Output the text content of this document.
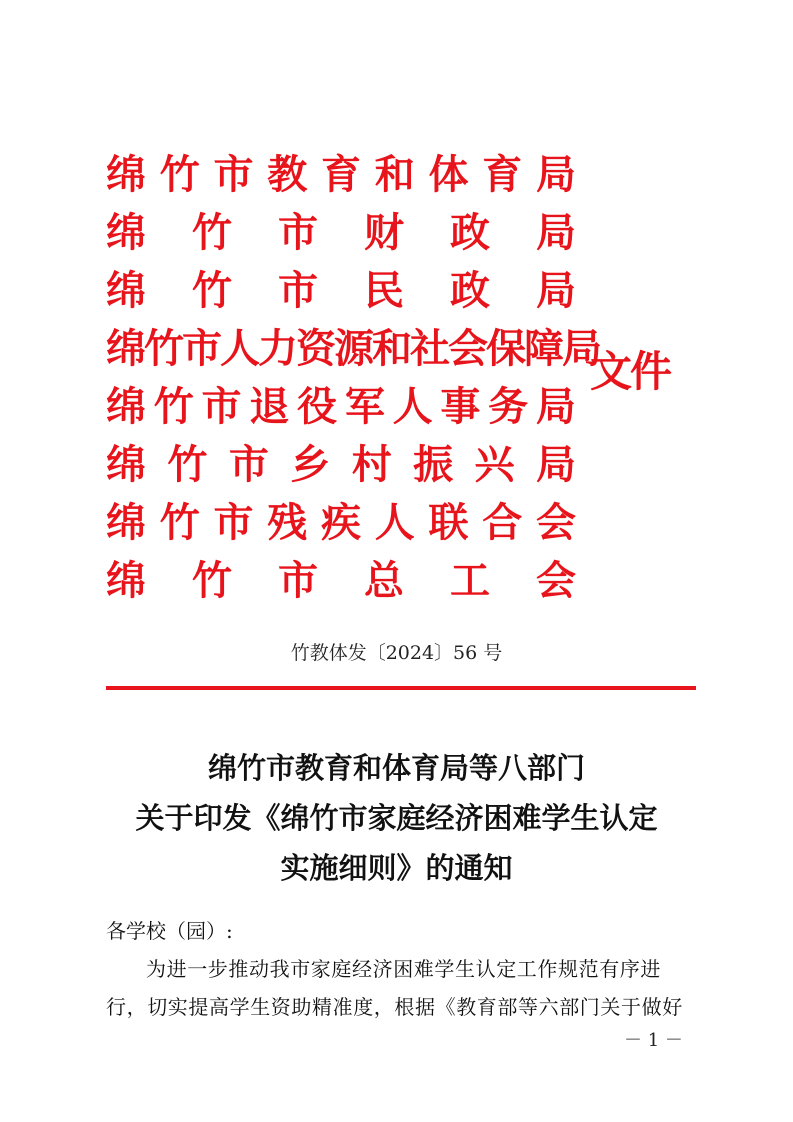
绵 竹 市 教 育 和 体 育 局
绵 竹 市 财 政 局
绵 竹 市 民 政 局
绵 竹 市 人 力 资 源 和 社 会 保 障 局
绵 竹 市 退 役 军 人 事 务 局
绵 竹 市 乡 村 振 兴 局
绵 竹 市 残 疾 人 联 合 会
绵 竹 市 总 工 会
文件
竹教体发〔2024〕56 号
绵竹市教育和体育局等八部门
关于印发《绵竹市家庭经济困难学生认定
实施细则》的通知
各学校（园）:
为进一步推动我市家庭经济困难学生认定工作规范有序进
行，切实提高学生资助精准度，根据《教育部等六部门关于做好
－ 1 －
